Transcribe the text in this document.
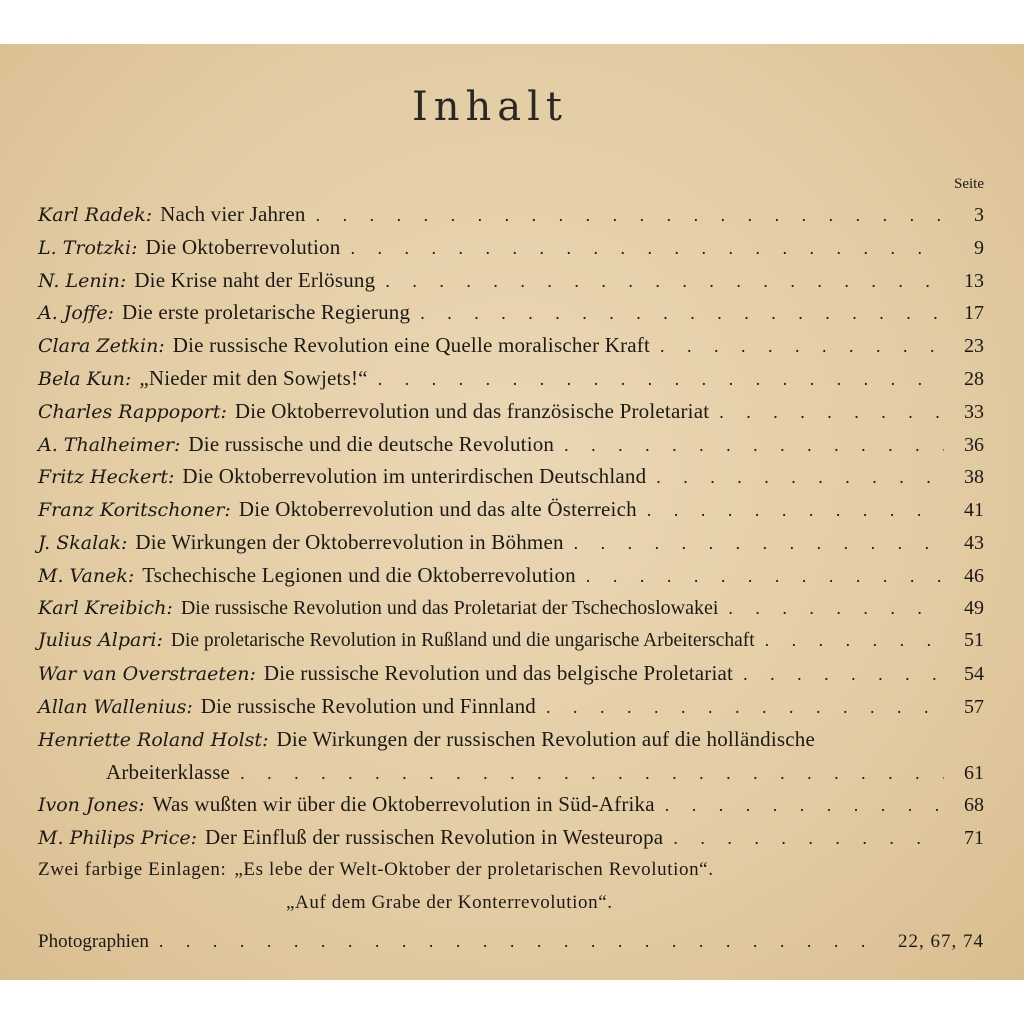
Inhalt
Seite
Karl Radek: Nach vier Jahren . . .	3
L. Trotzki: Die Oktoberrevolution . . .	9
N. Lenin: Die Krise naht der Erlösung . . .	13
A. Joffe: Die erste proletarische Regierung . . .	17
Clara Zetkin: Die russische Revolution eine Quelle moralischer Kraft . . .	23
Bela Kun: „Nieder mit den Sowjets!“ . . .	28
Charles Rappoport: Die Oktoberrevolution und das französische Proletariat . . .	33
A. Thalheimer: Die russische und die deutsche Revolution . . .	36
Fritz Heckert: Die Oktoberrevolution im unterirdischen Deutschland . . .	38
Franz Koritschoner: Die Oktoberrevolution und das alte Österreich . . .	41
J. Skalak: Die Wirkungen der Oktoberrevolution in Böhmen . . .	43
M. Vanek: Tschechische Legionen und die Oktoberrevolution . . .	46
Karl Kreibich: Die russische Revolution und das Proletariat der Tschechoslowakei . . .	49
Julius Alpari: Die proletarische Revolution in Rußland und die ungarische Arbeiterschaft . . .	51
War van Overstraeten: Die russische Revolution und das belgische Proletariat . . .	54
Allan Wallenius: Die russische Revolution und Finnland . . .	57
Henriette Roland Holst: Die Wirkungen der russischen Revolution auf die holländische
Arbeiterklasse . . .	61
Ivon Jones: Was wußten wir über die Oktoberrevolution in Süd-Afrika . . .	68
M. Philips Price: Der Einfluß der russischen Revolution in Westeuropa . . .	71
Zwei farbige Einlagen: „Es lebe der Welt-Oktober der proletarischen Revolution“.
„Auf dem Grabe der Konterrevolution“.
Photographien . . .	22, 67, 74
